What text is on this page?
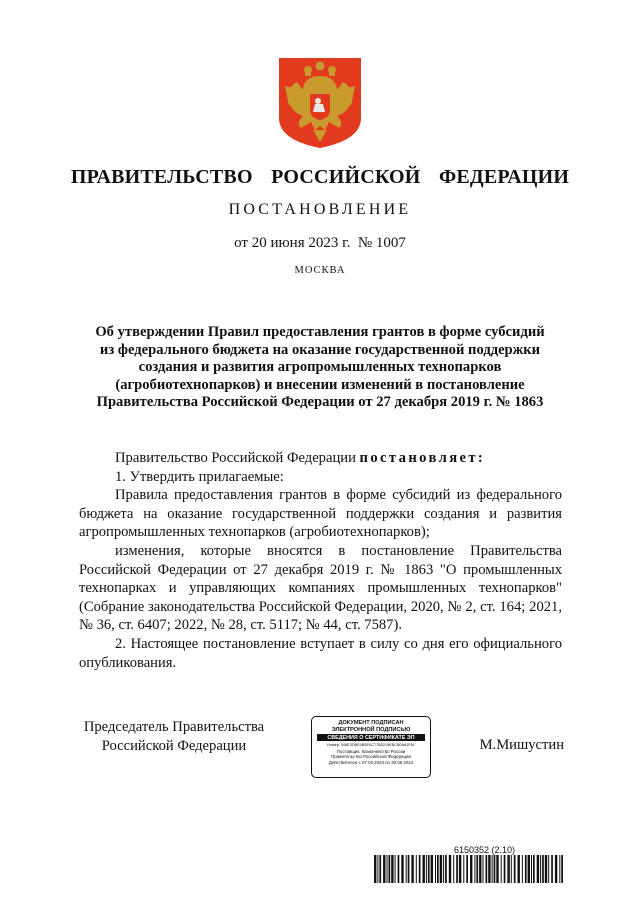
ПРАВИТЕЛЬСТВО  РОССИЙСКОЙ  ФЕДЕРАЦИИ
ПОСТАНОВЛЕНИЕ
от 20 июня 2023 г. № 1007
МОСКВА
Об утверждении Правил предоставления грантов в форме субсидий
из федерального бюджета на оказание государственной поддержки
создания и развития агропромышленных технопарков
(агробиотехнопарков) и внесении изменений в постановление
Правительства Российской Федерации от 27 декабря 2019 г. № 1863

Правительство Российской Федерации постановляет:

1. Утвердить прилагаемые:

Правила предоставления грантов в форме субсидий из федерального бюджета на оказание государственной поддержки создания и развития агропромышленных технопарков (агробиотехнопарков);

изменения, которые вносятся в постановление Правительства Российской Федерации от 27 декабря 2019 г. № 1863 "О промышленных технопарках и управляющих компаниях промышленных технопарков" (Собрание законодательства Российской Федерации, 2020, № 2, ст. 164; 2021, № 36, ст. 6407; 2022, № 28, ст. 5117; № 44, ст. 7587).

2. Настоящее постановление вступает в силу со дня его официального опубликования.

Председатель Правительства
Российской Федерации
ДОКУМЕНТ ПОДПИСАН
ЭЛЕКТРОННОЙ ПОДПИСЬЮ
СВЕДЕНИЯ О СЕРТИФИКАТЕ ЭП
Номер: 008E3DBE0B5E0C77B5219EBCB0A81F81
Поставщик: Казначейство России
Правительство Российской Федерации
Действителен с 07.03.2023 по 30.05.2024
М.Мишустин
6150352 (2.10)
